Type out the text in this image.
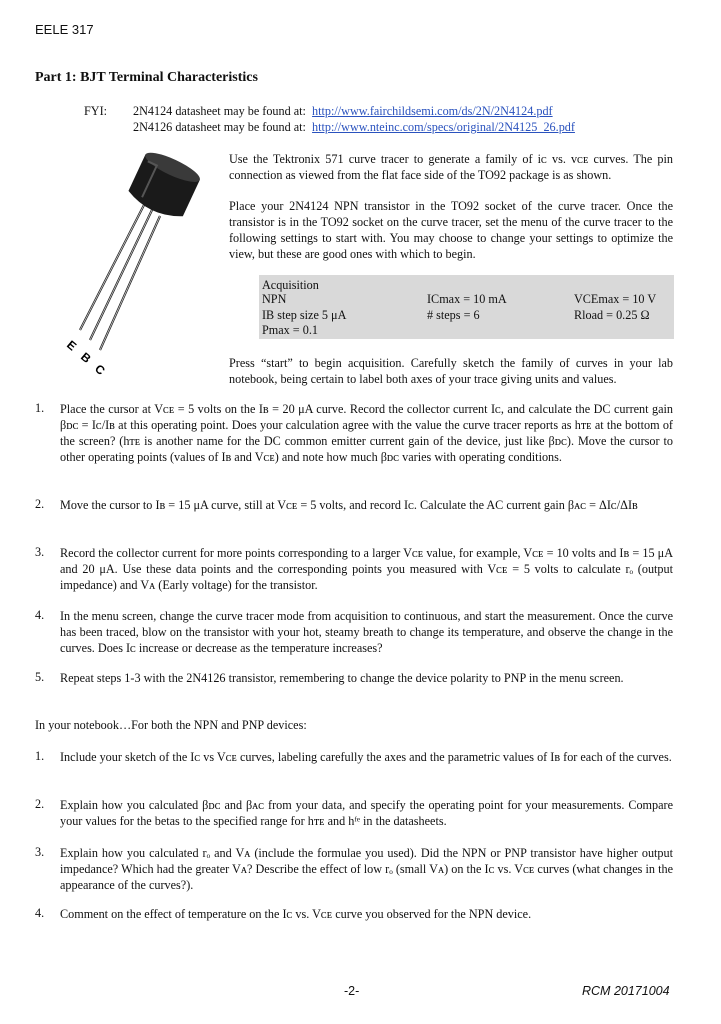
EELE 317
Part 1: BJT Terminal Characteristics
FYI: 2N4124 datasheet may be found at: http://www.fairchildsemi.com/ds/2N/2N4124.pdf
2N4126 datasheet may be found at: http://www.nteinc.com/specs/original/2N4125_26.pdf
E
B
C
Use the Tektronix 571 curve tracer to generate a family of iᴄ vs. vᴄᴇ curves. The pin connection as viewed from the flat face side of the TO92 package is as shown.
Place your 2N4124 NPN transistor in the TO92 socket of the curve tracer. Once the transistor is in the TO92 socket on the curve tracer, set the menu of the curve tracer to the following settings to start with. You may choose to change your settings to optimize the view, but these are good ones with which to begin.
Acquisition
NPN
IB step size 5 μA
Pmax = 0.1
ICmax = 10 mA
# steps = 6
VCEmax = 10 V
Rload = 0.25 Ω
Press “start” to begin acquisition. Carefully sketch the family of curves in your lab notebook, being certain to label both axes of your trace giving units and values.
1. Place the cursor at Vᴄᴇ = 5 volts on the Iʙ = 20 μA curve. Record the collector current Iᴄ, and calculate the DC current gain βᴅᴄ = Iᴄ/Iʙ at this operating point. Does your calculation agree with the value the curve tracer reports as hᴛᴇ at the bottom of the screen? (hᴛᴇ is another name for the DC common emitter current gain of the device, just like βᴅᴄ). Move the cursor to other operating points (values of Iʙ and Vᴄᴇ) and note how much βᴅᴄ varies with operating conditions.
2. Move the cursor to Iʙ = 15 μA curve, still at Vᴄᴇ = 5 volts, and record Iᴄ. Calculate the AC current gain βᴀᴄ = ΔIᴄ/ΔIʙ
3. Record the collector current for more points corresponding to a larger Vᴄᴇ value, for example, Vᴄᴇ = 10 volts and Iʙ = 15 μA and 20 μA. Use these data points and the corresponding points you measured with Vᴄᴇ = 5 volts to calculate rₒ (output impedance) and Vᴀ (Early voltage) for the transistor.
4. In the menu screen, change the curve tracer mode from acquisition to continuous, and start the measurement. Once the curve has been traced, blow on the transistor with your hot, steamy breath to change its temperature, and observe the change in the curves. Does Iᴄ increase or decrease as the temperature increases?
5. Repeat steps 1-3 with the 2N4126 transistor, remembering to change the device polarity to PNP in the menu screen.
In your notebook…For both the NPN and PNP devices:
1. Include your sketch of the Iᴄ vs Vᴄᴇ curves, labeling carefully the axes and the parametric values of Iʙ for each of the curves.
2. Explain how you calculated βᴅᴄ and βᴀᴄ from your data, and specify the operating point for your measurements. Compare your values for the betas to the specified range for hᴛᴇ and hᶠᵉ in the datasheets.
3. Explain how you calculated rₒ and Vᴀ (include the formulae you used). Did the NPN or PNP transistor have higher output impedance? Which had the greater Vᴀ? Describe the effect of low rₒ (small Vᴀ) on the Iᴄ vs. Vᴄᴇ curves (what changes in the appearance of the curves?).
4. Comment on the effect of temperature on the Iᴄ vs. Vᴄᴇ curve you observed for the NPN device.
-2-	RCM 20171004
